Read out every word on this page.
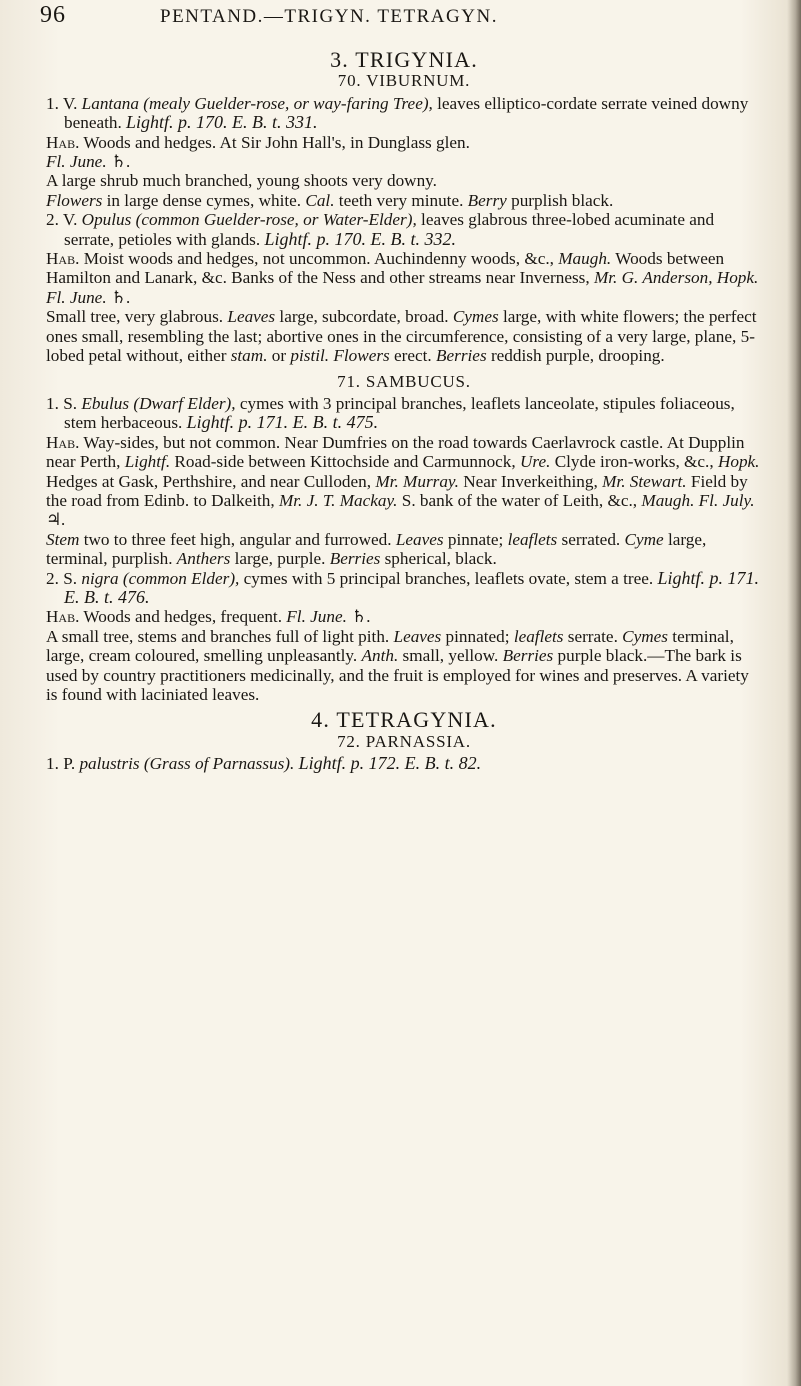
96	PENTAND.—TRIGYN. TETRAGYN.

3. TRIGYNIA.

70. VIBURNUM.

1. V. Lantana (mealy Guelder-rose, or way-faring Tree), leaves elliptico-cordate serrate veined downy beneath. Lightf. p. 170. E. B. t. 331.

Hab. Woods and hedges. At Sir John Hall's, in Dunglass glen.
Fl. June. ♄.

A large shrub much branched, young shoots very downy.
Flowers in large dense cymes, white. Cal. teeth very minute. Berry purplish black.

2. V. Opulus (common Guelder-rose, or Water-Elder), leaves glabrous three-lobed acuminate and serrate, petioles with glands. Lightf. p. 170. E. B. t. 332.

Hab. Moist woods and hedges, not uncommon. Auchindenny woods, &c., Maugh. Woods between Hamilton and Lanark, &c. Banks of the Ness and other streams near Inverness, Mr. G. Anderson, Hopk. Fl. June. ♄.

Small tree, very glabrous. Leaves large, subcordate, broad. Cymes large, with white flowers; the perfect ones small, resembling the last; abortive ones in the circumference, consisting of a very large, plane, 5-lobed petal without, either stam. or pistil. Flowers erect. Berries reddish purple, drooping.

71. SAMBUCUS.

1. S. Ebulus (Dwarf Elder), cymes with 3 principal branches, leaflets lanceolate, stipules foliaceous, stem herbaceous. Lightf. p. 171. E. B. t. 475.

Hab. Way-sides, but not common. Near Dumfries on the road towards Caerlavrock castle. At Dupplin near Perth, Lightf. Road-side between Kittochside and Carmunnock, Ure. Clyde iron-works, &c., Hopk. Hedges at Gask, Perthshire, and near Culloden, Mr. Murray. Near Inverkeithing, Mr. Stewart. Field by the road from Edinb. to Dalkeith, Mr. J. T. Mackay. S. bank of the water of Leith, &c., Maugh. Fl. July. ♃.

Stem two to three feet high, angular and furrowed. Leaves pinnate; leaflets serrated. Cyme large, terminal, purplish. Anthers large, purple. Berries spherical, black.

2. S. nigra (common Elder), cymes with 5 principal branches, leaflets ovate, stem a tree. Lightf. p. 171. E. B. t. 476.

Hab. Woods and hedges, frequent. Fl. June. ♄.

A small tree, stems and branches full of light pith. Leaves pinnated; leaflets serrate. Cymes terminal, large, cream coloured, smelling unpleasantly. Anth. small, yellow. Berries purple black.—The bark is used by country practitioners medicinally, and the fruit is employed for wines and preserves. A variety is found with laciniated leaves.

4. TETRAGYNIA.

72. PARNASSIA.

1. P. palustris (Grass of Parnassus). Lightf. p. 172. E. B. t. 82.
